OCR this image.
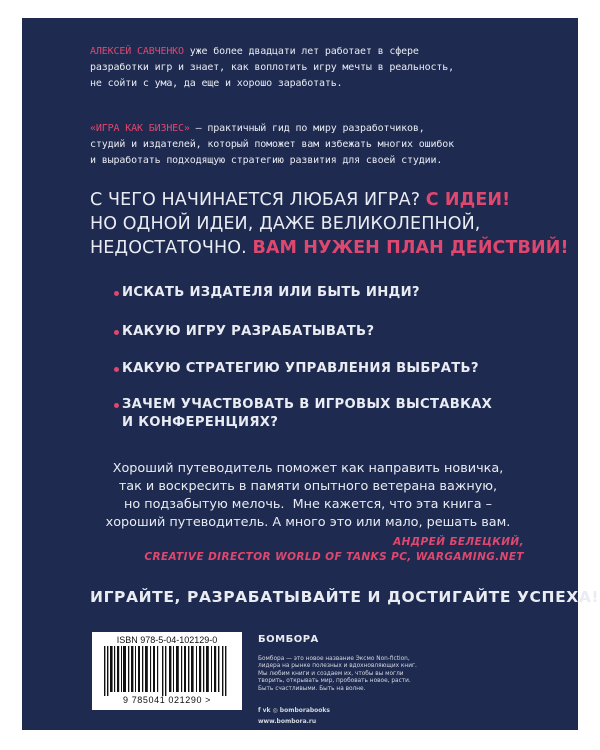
АЛЕКСЕЙ САВЧЕНКО уже более двадцати лет работает в сфере
разработки игр и знает, как воплотить игру мечты в реальность,
не сойти с ума, да еще и хорошо заработать.
«ИГРА КАК БИЗНЕС» — практичный гид по миру разработчиков,
студий и издателей, который поможет вам избежать многих ошибок
и выработать подходящую стратегию развития для своей студии.
С ЧЕГО НАЧИНАЕТСЯ ЛЮБАЯ ИГРА? С ИДЕИ!
НО ОДНОЙ ИДЕИ, ДАЖЕ ВЕЛИКОЛЕПНОЙ,
НЕДОСТАТОЧНО. ВАМ НУЖЕН ПЛАН ДЕЙСТВИЙ!
ИСКАТЬ ИЗДАТЕЛЯ ИЛИ БЫТЬ ИНДИ?
КАКУЮ ИГРУ РАЗРАБАТЫВАТЬ?
КАКУЮ СТРАТЕГИЮ УПРАВЛЕНИЯ ВЫБРАТЬ?
ЗАЧЕМ УЧАСТВОВАТЬ В ИГРОВЫХ ВЫСТАВКАХ
И КОНФЕРЕНЦИЯХ?
Хороший путеводитель поможет как направить новичка,
так и воскресить в памяти опытного ветерана важную,
но подзабытую мелочь.  Мне кажется, что эта книга –
хороший путеводитель. А много это или мало, решать вам.
АНДРЕЙ БЕЛЕЦКИЙ,
CREATIVE DIRECTOR WORLD OF TANKS PC, WARGAMING.NET
ИГРАЙТЕ, РАЗРАБАТЫВАЙТЕ И ДОСТИГАЙТЕ УСПЕХА!
ISBN 978-5-04-102129-0
9 785041 021290 >
БОМБОРА
Бомбора — это новое название Эксмо Non-fiction,
лидера на рынке полезных и вдохновляющих книг.
Мы любим книги и создаем их, чтобы вы могли
творить, открывать мир, пробовать новое, расти.
Быть счастливыми. Быть на волне.
f vk ◎ bomborabooks
www.bombora.ru
